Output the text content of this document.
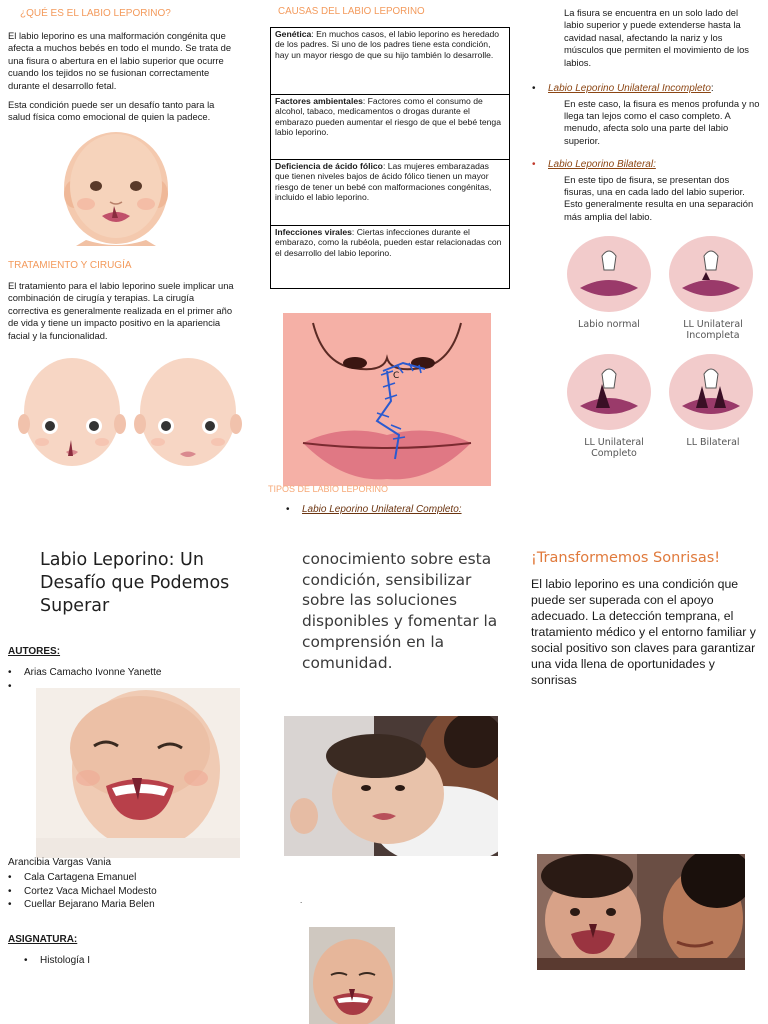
¿QUÉ ES EL LABIO LEPORINO?

El labio leporino es una malformación congénita que afecta a muchos bebés en todo el mundo. Se trata de una fisura o abertura en el labio superior que ocurre cuando los tejidos no se fusionan correctamente durante el desarrollo fetal.

Esta condición puede ser un desafío tanto para la salud física como emocional de quien la padece.

TRATAMIENTO Y CIRUGÍA

El tratamiento para el labio leporino suele implicar una combinación de cirugía y terapias. La cirugía correctiva es generalmente realizada en el primer año de vida y tiene un impacto positivo en la apariencia facial y la funcionalidad.

CAUSAS DEL LABIO LEPORINO
Genética: En muchos casos, el labio leporino es heredado de los padres. Si uno de los padres tiene esta condición, hay un mayor riesgo de que su hijo también lo desarrolle.
Factores ambientales: Factores como el consumo de alcohol, tabaco, medicamentos o drogas durante el embarazo pueden aumentar el riesgo de que el bebé tenga labio leporino.
Deficiencia de ácido fólico: Las mujeres embarazadas que tienen niveles bajos de ácido fólico tienen un mayor riesgo de tener un bebé con malformaciones congénitas, incluido el labio leporino.
Infecciones virales: Ciertas infecciones durante el embarazo, como la rubéola, pueden estar relacionadas con el desarrollo del labio leporino.
C
TIPOS DE LABIO LEPORINO
• Labio Leporino Unilateral Completo:

La fisura se encuentra en un solo lado del labio superior y puede extenderse hasta la cavidad nasal, afectando la nariz y los músculos que permiten el movimiento de los labios.

• Labio Leporino Unilateral Incompleto:

En este caso, la fisura es menos profunda y no llega tan lejos como el caso completo. A menudo, afecta solo una parte del labio superior.

• Labio Leporino Bilateral:

En este tipo de fisura, se presentan dos fisuras, una en cada lado del labio superior. Esto generalmente resulta en una separación más amplia del labio.

Labio normal	LL Unilateral Incompleta
LL Unilateral Completo
LL Bilateral
Labio Leporino: Un Desafío que Podemos Superar
AUTORES:
• Arias Camacho Ivonne Yanette
Arancibia Vargas Vania
• Cala Cartagena Emanuel
• Cortez Vaca Michael Modesto
• Cuellar Bejarano Maria Belen
ASIGNATURA:
• Histología I

conocimiento sobre esta condición, sensibilizar sobre las soluciones disponibles y fomentar la comprensión en la comunidad.

.
¡Transformemos Sonrisas!

El labio leporino es una condición que puede ser superada con el apoyo adecuado. La detección temprana, el tratamiento médico y el entorno familiar y social positivo son claves para garantizar una vida llena de oportunidades y sonrisas
